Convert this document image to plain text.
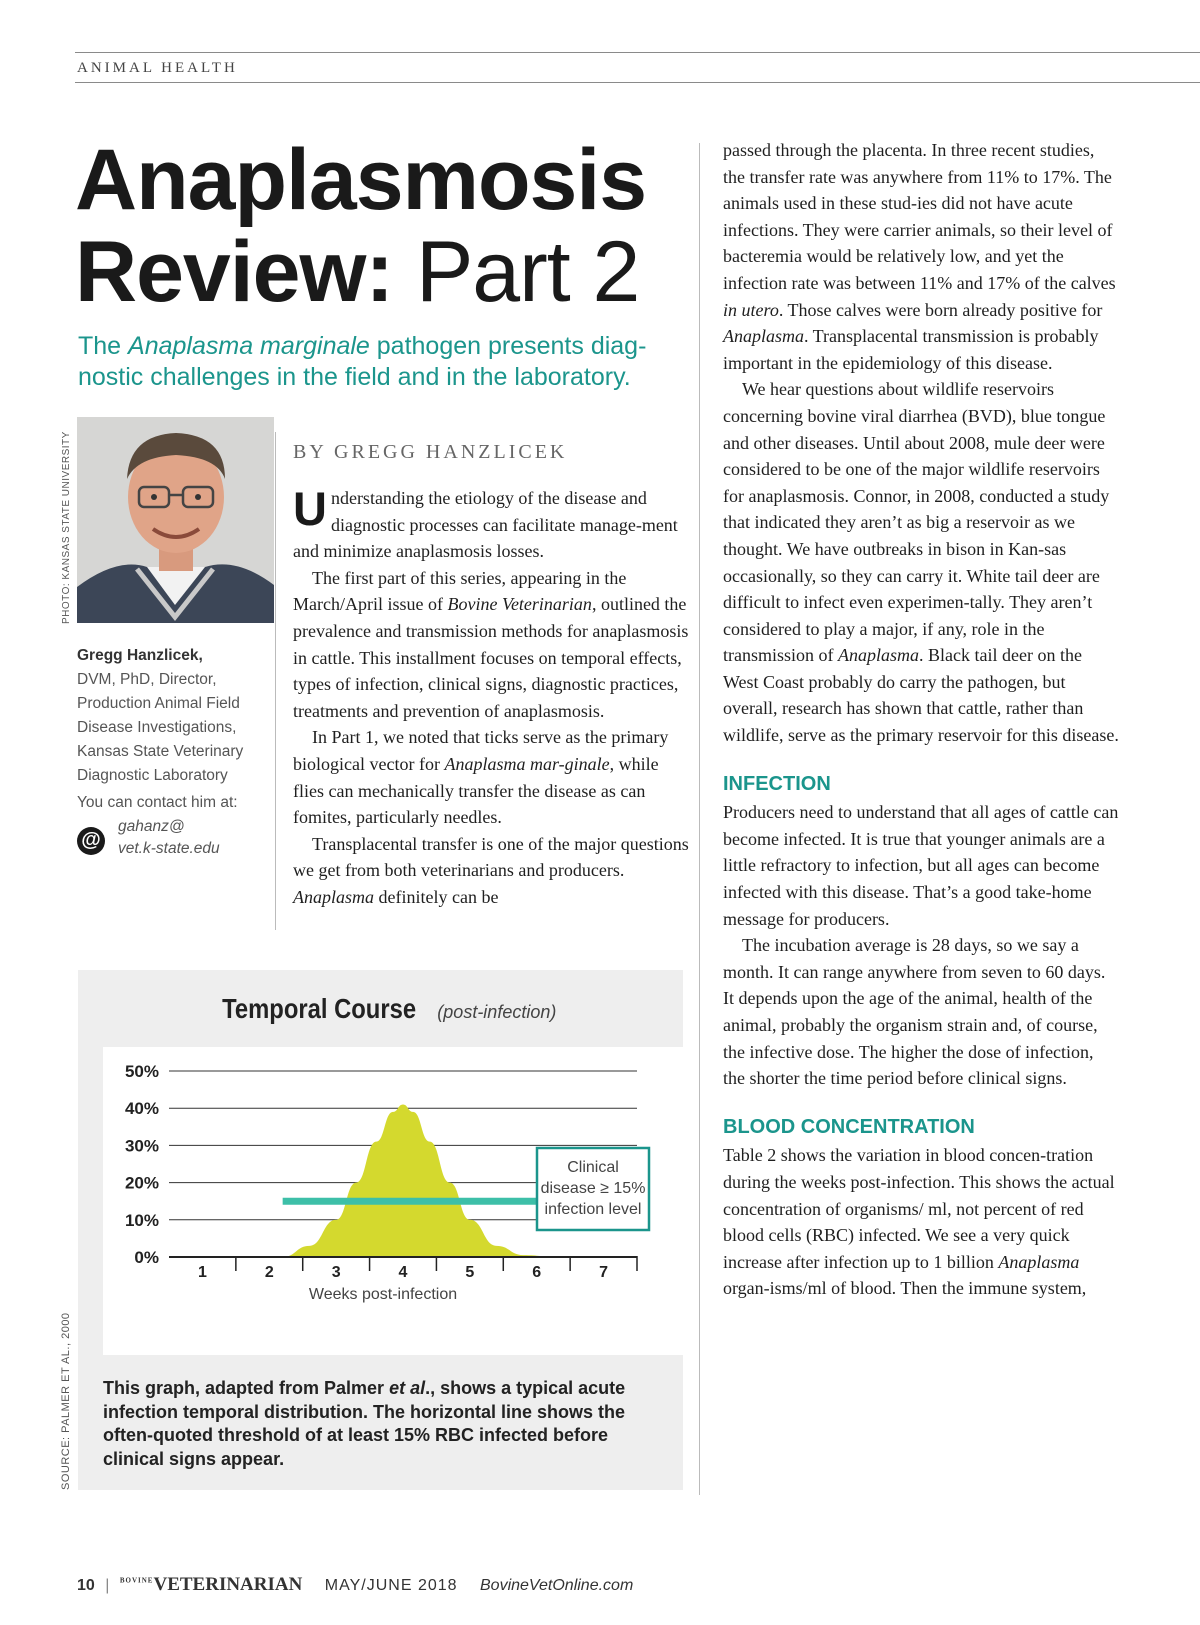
ANIMAL HEALTH
Anaplasmosis
Review: Part 2
The Anaplasma marginale pathogen presents diag-nostic challenges in the field and in the laboratory.
PHOTO: KANSAS STATE UNIVERSITY
Gregg Hanzlicek,
DVM, PhD, Director,
Production Animal Field
Disease Investigations,
Kansas State Veterinary
Diagnostic Laboratory
You can contact him at:
@
gahanz@
vet.k-state.edu
BY GREGG HANZLICEK

Understanding the etiology of the disease and diagnostic processes can facilitate manage-ment and minimize anaplasmosis losses.

The first part of this series, appearing in the March/April issue of Bovine Veterinarian, outlined the prevalence and transmission methods for anaplasmosis in cattle. This installment focuses on temporal effects, types of infection, clinical signs, diagnostic practices, treatments and prevention of anaplasmosis.

In Part 1, we noted that ticks serve as the primary biological vector for Anaplasma mar-ginale, while flies can mechanically transfer the disease as can fomites, particularly needles.

Transplacental transfer is one of the major questions we get from both veterinarians and producers. Anaplasma definitely can be

passed through the placenta. In three recent studies, the transfer rate was anywhere from 11% to 17%. The animals used in these stud-ies did not have acute infections. They were carrier animals, so their level of bacteremia would be relatively low, and yet the infection rate was between 11% and 17% of the calves in utero. Those calves were born already positive for Anaplasma. Transplacental transmission is probably important in the epidemiology of this disease.

We hear questions about wildlife reservoirs concerning bovine viral diarrhea (BVD), blue tongue and other diseases. Until about 2008, mule deer were considered to be one of the major wildlife reservoirs for anaplasmosis. Connor, in 2008, conducted a study that indicated they aren’t as big a reservoir as we thought. We have outbreaks in bison in Kan-sas occasionally, so they can carry it. White tail deer are difficult to infect even experimen-tally. They aren’t considered to play a major, if any, role in the transmission of Anaplasma. Black tail deer on the West Coast probably do carry the pathogen, but overall, research has shown that cattle, rather than wildlife, serve as the primary reservoir for this disease.

INFECTION

Producers need to understand that all ages of cattle can become infected. It is true that younger animals are a little refractory to infection, but all ages can become infected with this disease. That’s a good take-home message for producers.

The incubation average is 28 days, so we say a month. It can range anywhere from seven to 60 days. It depends upon the age of the animal, health of the animal, probably the organism strain and, of course, the infective dose. The higher the dose of infection, the shorter the time period before clinical signs.

BLOOD CONCENTRATION

Table 2 shows the variation in blood concen-tration during the weeks post-infection. This shows the actual concentration of organisms/ ml, not percent of red blood cells (RBC) infected. We see a very quick increase after infection up to 1 billion Anaplasma organ-isms/ml of blood. Then the immune system,

Temporal Course (post-infection)
50%
40%
30%
20%
10%
0%
1	2	3	4	5	6	7
Weeks post-infection
Clinical
disease ≥ 15%
infection level
This graph, adapted from Palmer et al., shows a typical acute infection temporal distribution. The horizontal line shows the often-quoted threshold of at least 15% RBC infected before clinical signs appear.
SOURCE: PALMER ET AL., 2000
10 | $^{BOVINE}$VETERINARIAN MAY/JUNE 2018 BovineVetOnline.com
